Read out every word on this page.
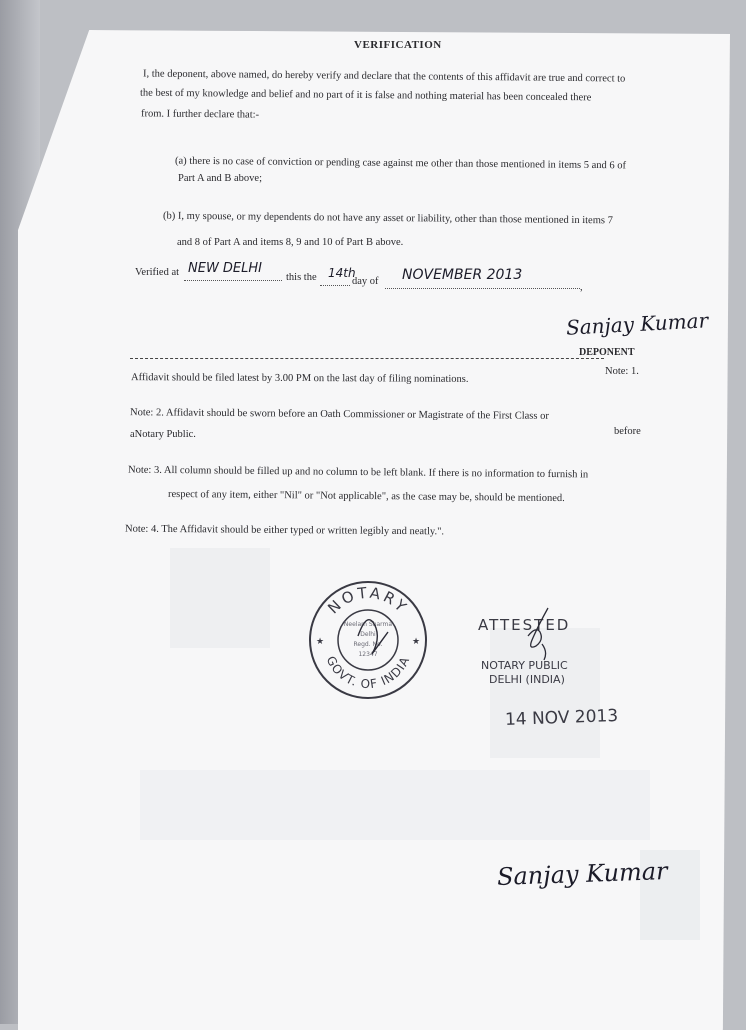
VERIFICATION
I, the deponent, above named, do hereby verify and declare that the contents of this affidavit are true and correct to
the best of my knowledge and belief and no part of it is false and nothing material has been concealed there
from. I further declare that:-
(a) there is no case of conviction or pending case against me other than those mentioned in items 5 and 6 of
Part A and B above;
(b) I, my spouse, or my dependents do not have any asset or liability, other than those mentioned in items 7
and 8 of Part A and items 8, 9 and 10 of Part B above.
Verified at NEW DELHI
this the 14th
day of NOVEMBER 2013
,
Sanjay Kumar
DEPONENT
Note: 1.
Affidavit should be filed latest by 3.00 PM on the last day of filing nominations.
Note: 2. Affidavit should be sworn before an Oath Commissioner or Magistrate of the First Class or
before
aNotary Public.
Note: 3. All column should be filled up and no column to be left blank. If there is no information to furnish in
respect of any item, either "Nil" or "Not applicable", as the case may be, should be mentioned.
Note: 4. The Affidavit should be either typed or written legibly and neatly.".
NOTARY
GOVT. OF INDIA
★	★
Neelam Sharma
Delhi
Regd. No.
12347
ATTESTED
NOTARY PUBLIC
DELHI (INDIA)
14 NOV 2013
Sanjay Kumar
